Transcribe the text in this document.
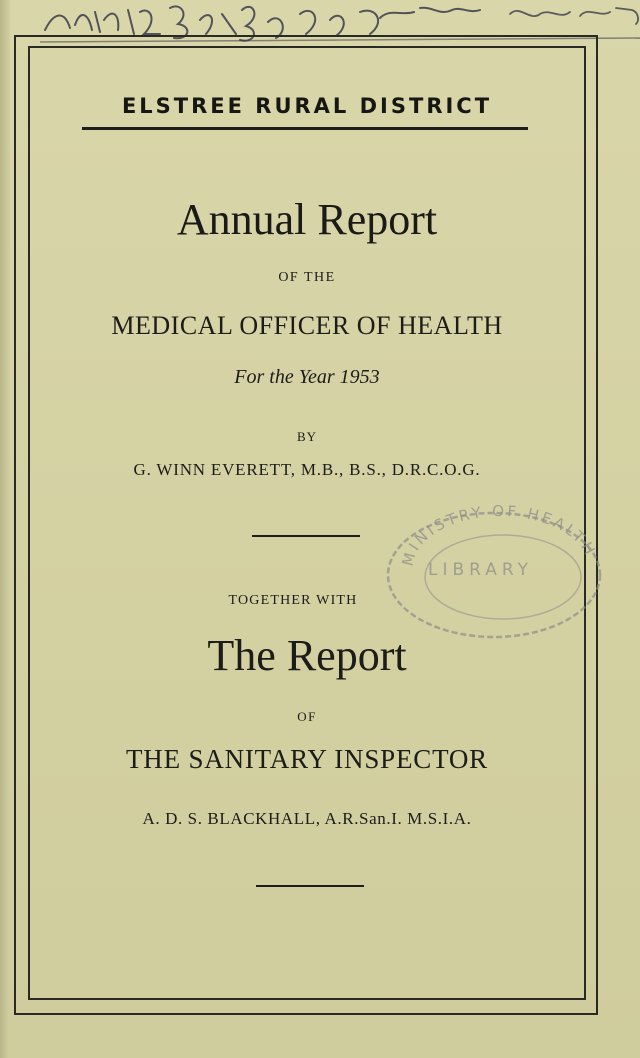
ELSTREE RURAL DISTRICT
Annual Report
OF THE
MEDICAL OFFICER OF HEALTH
For the Year 1953
BY
G. WINN EVERETT, M.B., B.S., D.R.C.O.G.
TOGETHER WITH
The Report
OF
THE SANITARY INSPECTOR
A. D. S. BLACKHALL, A.R.San.I. M.S.I.A.
MINISTRY OF HEALTH
LIBRARY
